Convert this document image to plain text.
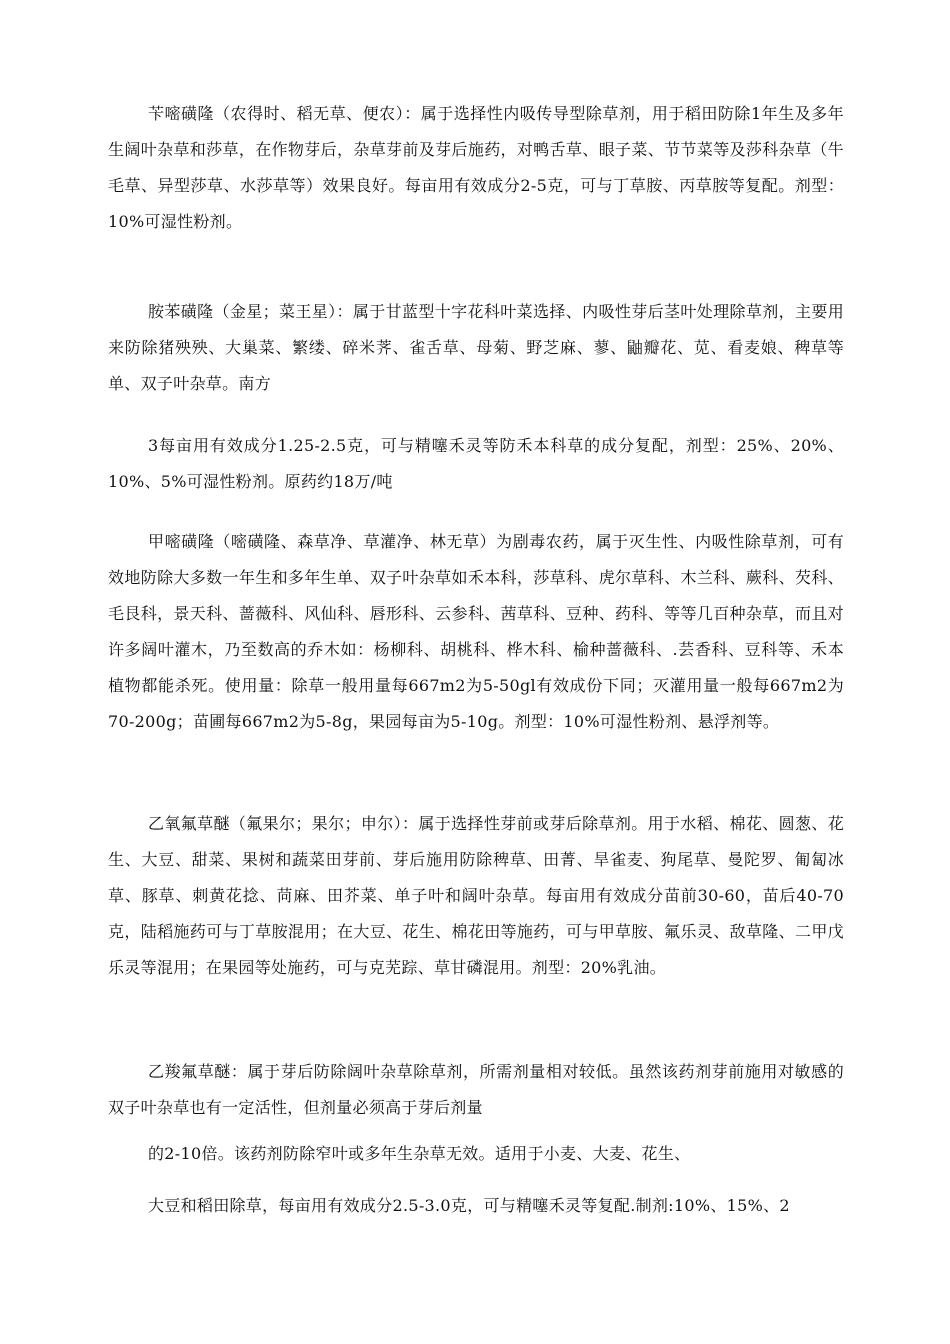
苄嘧磺隆（农得时、稻无草、便农）：属于选择性内吸传导型除草剂，用于稻田防除1年生及多年生阔叶杂草和莎草，在作物芽后，杂草芽前及芽后施药，对鸭舌草、眼子菜、节节菜等及莎科杂草（牛毛草、异型莎草、水莎草等）效果良好。每亩用有效成分2-5克，可与丁草胺、丙草胺等复配。剂型：10%可湿性粉剂。

胺苯磺隆（金星；菜王星）：属于甘蓝型十字花科叶菜选择、内吸性芽后茎叶处理除草剂，主要用来防除猪殃殃、大巢菜、繁缕、碎米荠、雀舌草、母菊、野芝麻、蓼、鼬瓣花、苋、看麦娘、稗草等单、双子叶杂草。南方

3每亩用有效成分1.25-2.5克，可与精噻禾灵等防禾本科草的成分复配，剂型：25%、20%、10%、5%可湿性粉剂。原药约18万/吨

甲嘧磺隆（嘧磺隆、森草净、草灌净、林无草）为剧毒农药，属于灭生性、内吸性除草剂，可有效地防除大多数一年生和多年生单、双子叶杂草如禾本科，莎草科、虎尔草科、木兰科、蕨科、芡科、毛艮科，景天科、蔷薇科、风仙科、唇形科、云参科、茜草科、豆种、药科、等等几百种杂草，而且对许多阔叶灌木，乃至数高的乔木如：杨柳科、胡桃科、桦木科、榆种蔷薇科、.芸香科、豆科等、禾本植物都能杀死。使用量：除草一般用量每667m2为5-50gl有效成份下同；灭灌用量一般每667m2为70-200g；苗圃每667m2为5-8g，果园每亩为5-10g。剂型：10%可湿性粉剂、悬浮剂等。

乙氧氟草醚（氟果尔；果尔；申尔）：属于选择性芽前或芽后除草剂。用于水稻、棉花、圆葱、花生、大豆、甜菜、果树和蔬菜田芽前、芽后施用防除稗草、田菁、旱雀麦、狗尾草、曼陀罗、匍匐冰草、豚草、刺黄花捻、苘麻、田芥菜、单子叶和阔叶杂草。每亩用有效成分苗前30-60，苗后40-70克，陆稻施药可与丁草胺混用；在大豆、花生、棉花田等施药，可与甲草胺、氟乐灵、敌草隆、二甲戊乐灵等混用；在果园等处施药，可与克芜踪、草甘磷混用。剂型：20%乳油。

乙羧氟草醚：属于芽后防除阔叶杂草除草剂，所需剂量相对较低。虽然该药剂芽前施用对敏感的双子叶杂草也有一定活性，但剂量必须高于芽后剂量

的2-10倍。该药剂防除窄叶或多年生杂草无效。适用于小麦、大麦、花生、

大豆和稻田除草，每亩用有效成分2.5-3.0克，可与精噻禾灵等复配.制剂:10%、15%、2
